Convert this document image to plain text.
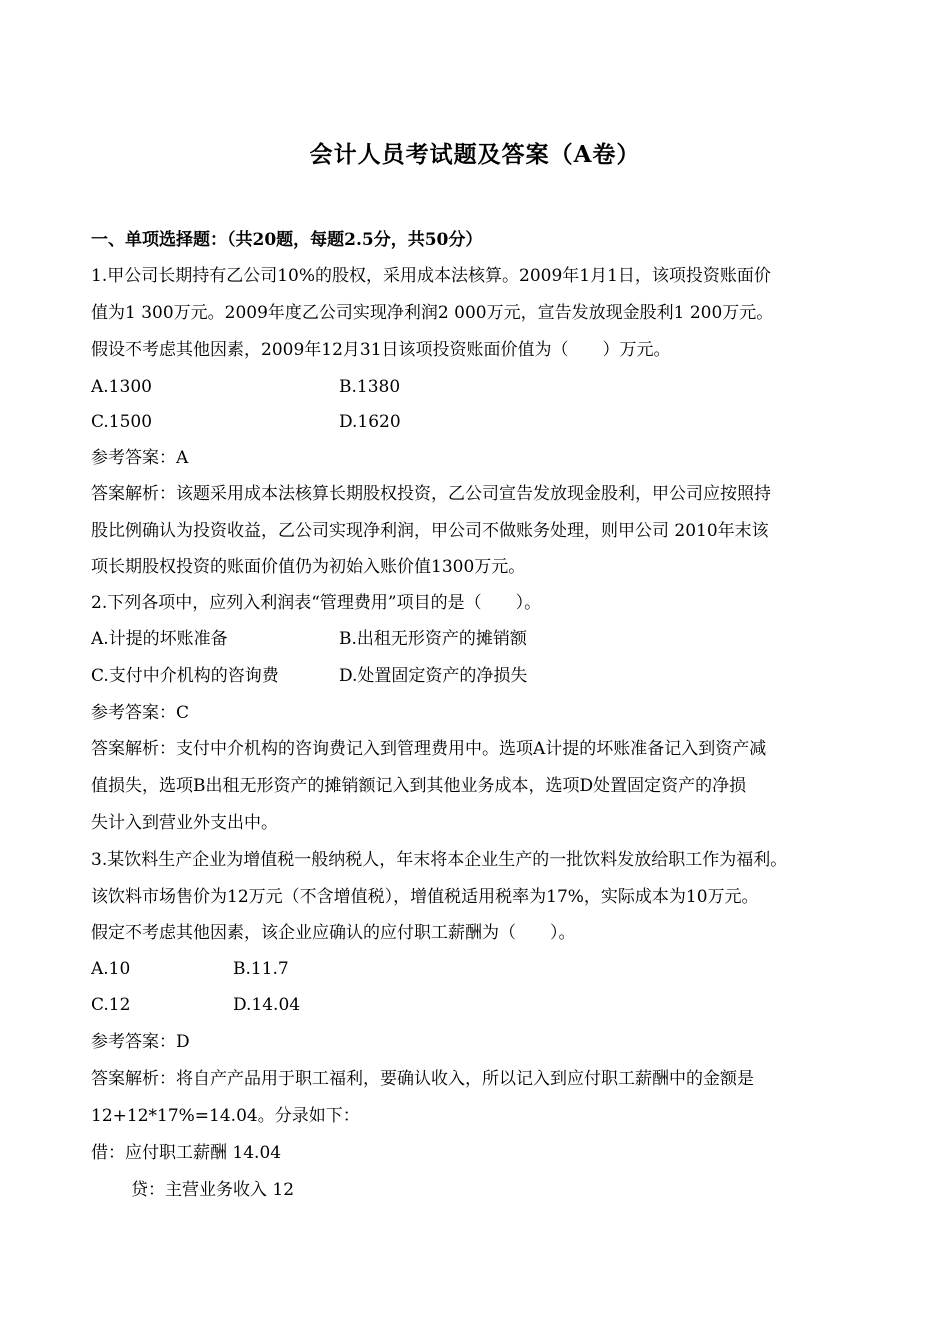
会计人员考试题及答案（A卷）
一、单项选择题：（共20题，每题2.5分，共50分）
1.甲公司长期持有乙公司10%的股权，采用成本法核算。2009年1月1日，该项投资账面价
值为1 300万元。2009年度乙公司实现净利润2 000万元，宣告发放现金股利1 200万元。
假设不考虑其他因素，2009年12月31日该项投资账面价值为（　　）万元。
A.1300	B.1380
C.1500	D.1620
参考答案：A
答案解析：该题采用成本法核算长期股权投资，乙公司宣告发放现金股利，甲公司应按照持
股比例确认为投资收益，乙公司实现净利润，甲公司不做账务处理，则甲公司 2010年末该
项长期股权投资的账面价值仍为初始入账价值1300万元。
2.下列各项中，应列入利润表“管理费用”项目的是（　　）。
A.计提的坏账准备	B.出租无形资产的摊销额
C.支付中介机构的咨询费	D.处置固定资产的净损失
参考答案：C
答案解析：支付中介机构的咨询费记入到管理费用中。选项A计提的坏账准备记入到资产减
值损失，选项B出租无形资产的摊销额记入到其他业务成本，选项D处置固定资产的净损
失计入到营业外支出中。
3.某饮料生产企业为增值税一般纳税人，年末将本企业生产的一批饮料发放给职工作为福利。
该饮料市场售价为12万元（不含增值税），增值税适用税率为17%，实际成本为10万元。
假定不考虑其他因素，该企业应确认的应付职工薪酬为（　　）。
A.10	B.11.7
C.12	D.14.04
参考答案：D
答案解析：将自产产品用于职工福利，要确认收入，所以记入到应付职工薪酬中的金额是
12+12*17%=14.04。分录如下：
借：应付职工薪酬 14.04
贷：主营业务收入 12
